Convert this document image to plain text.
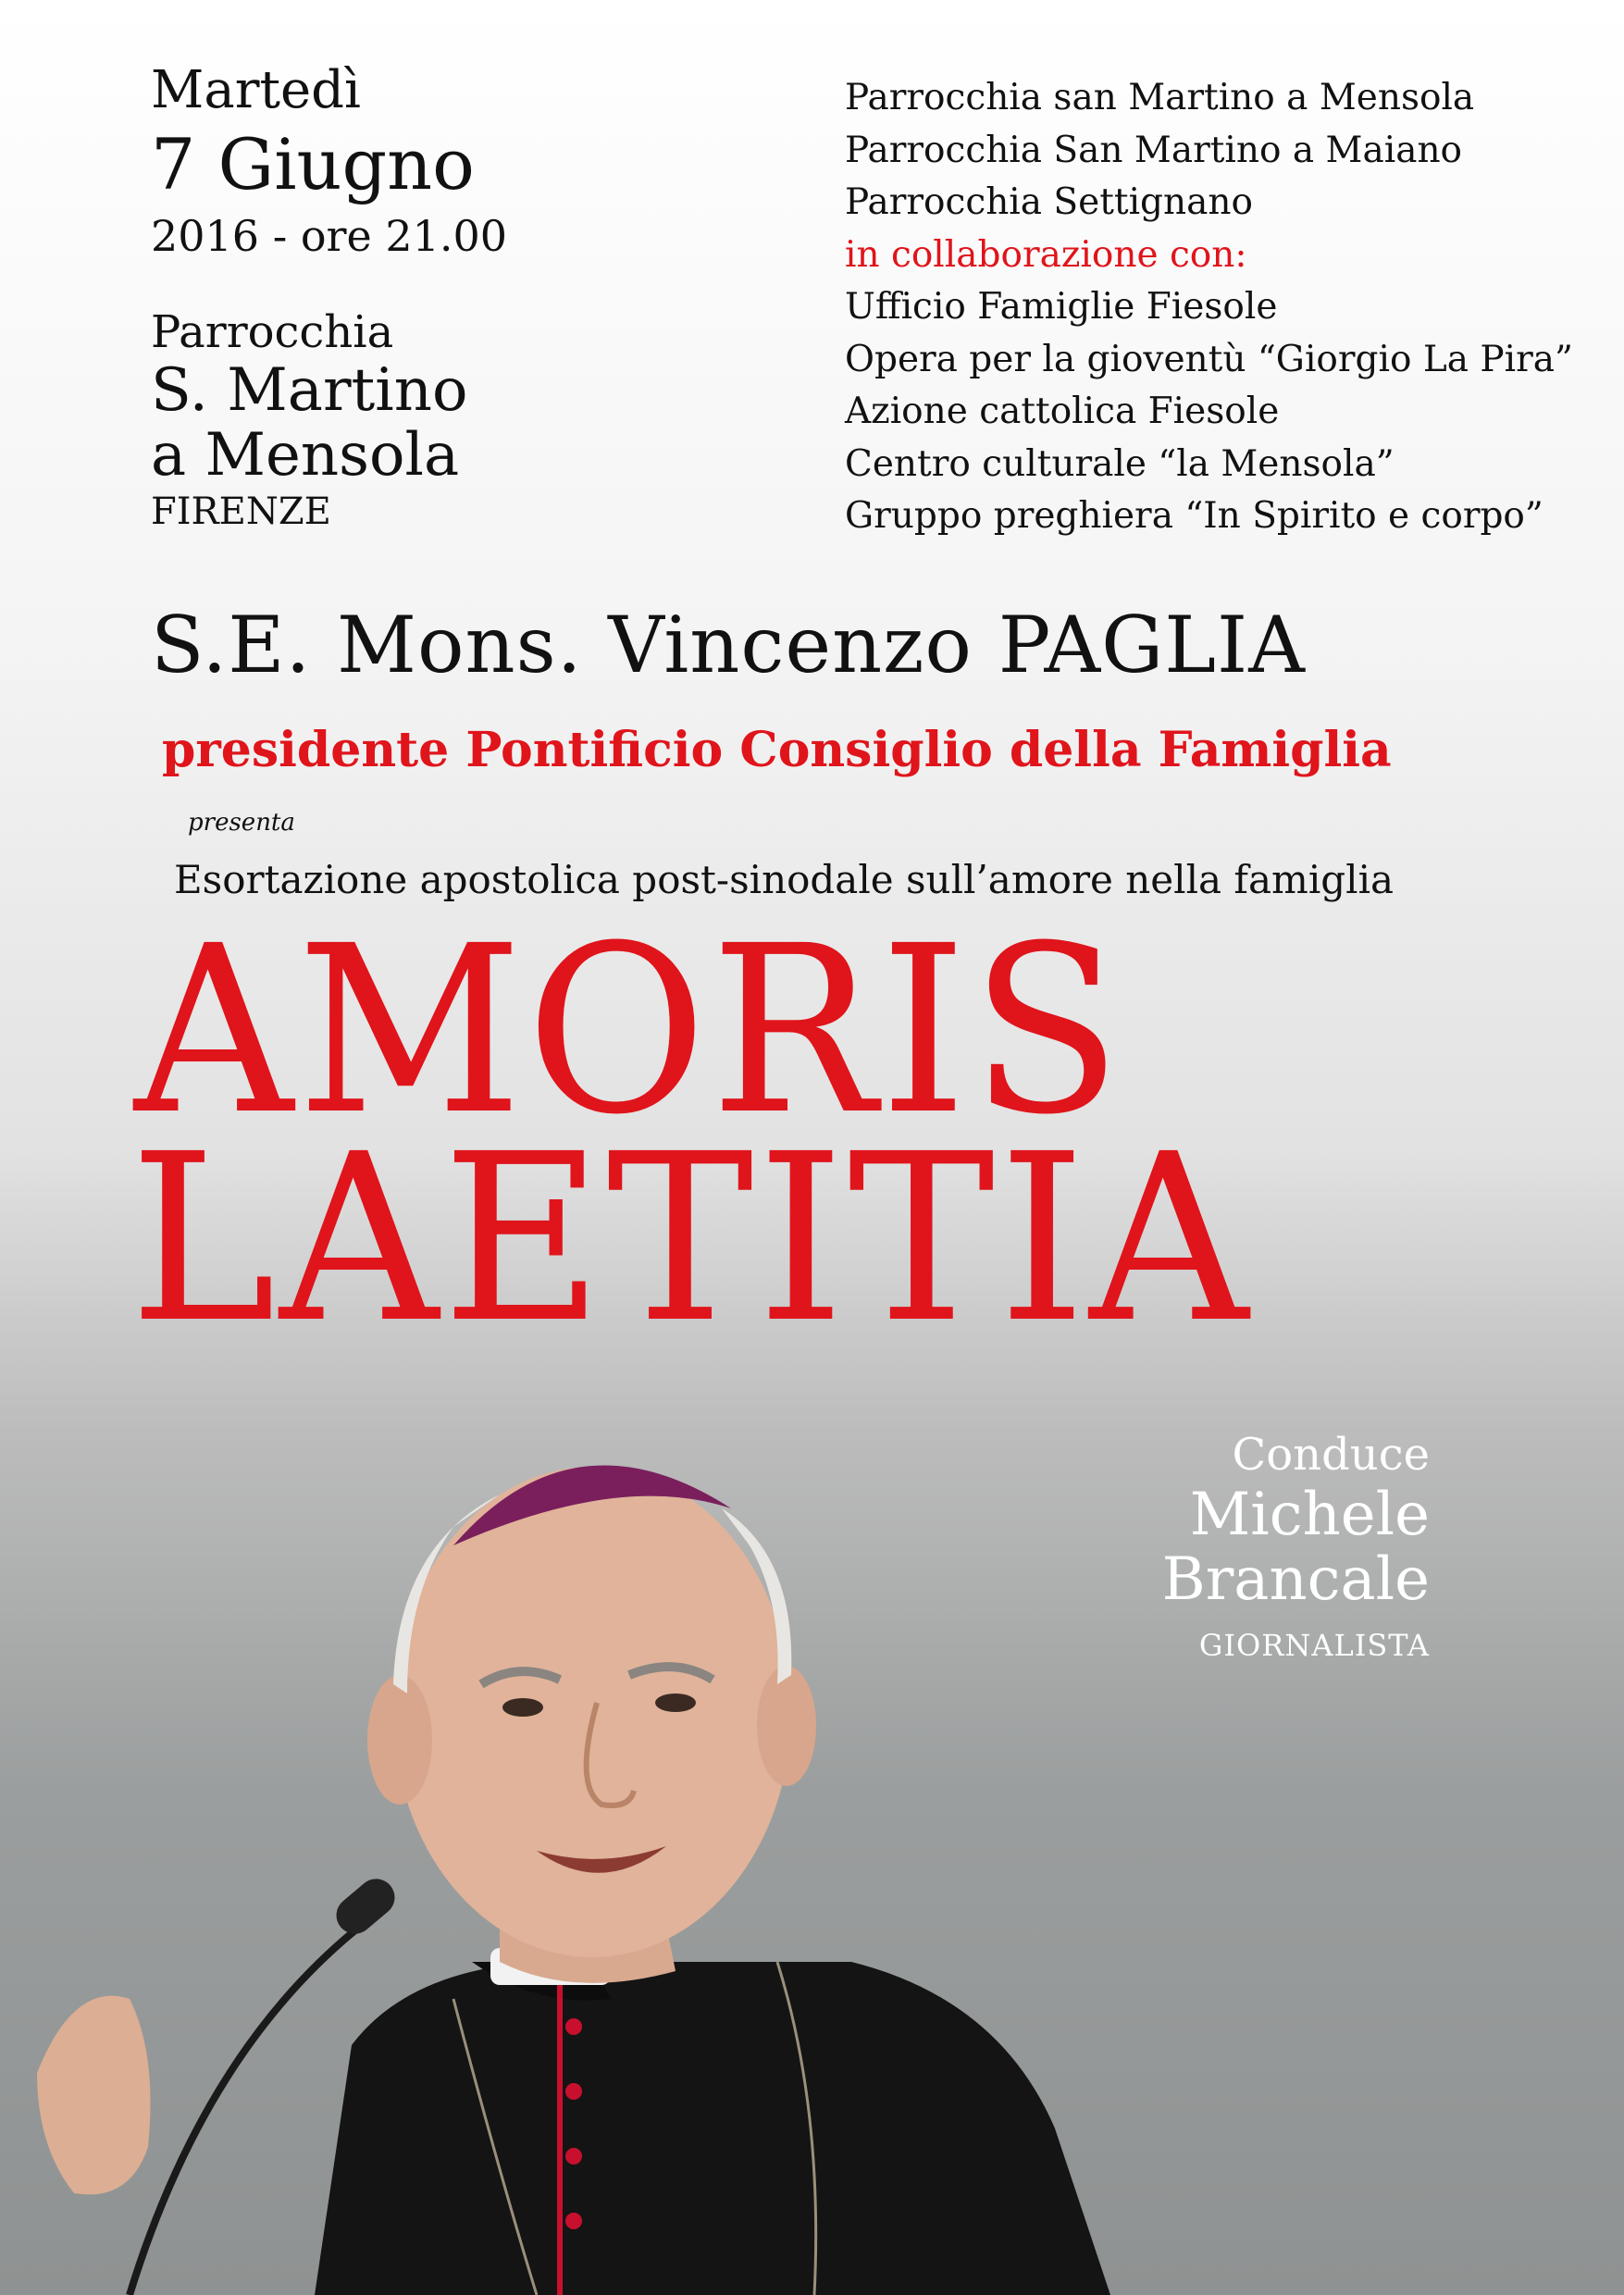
Martedì

7 Giugno

2016 - ore 21.00

Parrocchia

S. Martino

a Mensola

FIRENZE

Parrocchia san Martino a Mensola
Parrocchia San Martino a Maiano
Parrocchia Settignano
in collaborazione con:
Ufficio Famiglie Fiesole
Opera per la gioventù “Giorgio La Pira”
Azione cattolica Fiesole
Centro culturale “la Mensola”
Gruppo preghiera “In Spirito e corpo”

S.E. Mons. Vincenzo PAGLIA

presidente Pontificio Consiglio della Famiglia

presenta

Esortazione apostolica post-sinodale sull’amore nella famiglia

AMORIS

LAETITIA

Conduce

Michele

Brancale

GIORNALISTA
